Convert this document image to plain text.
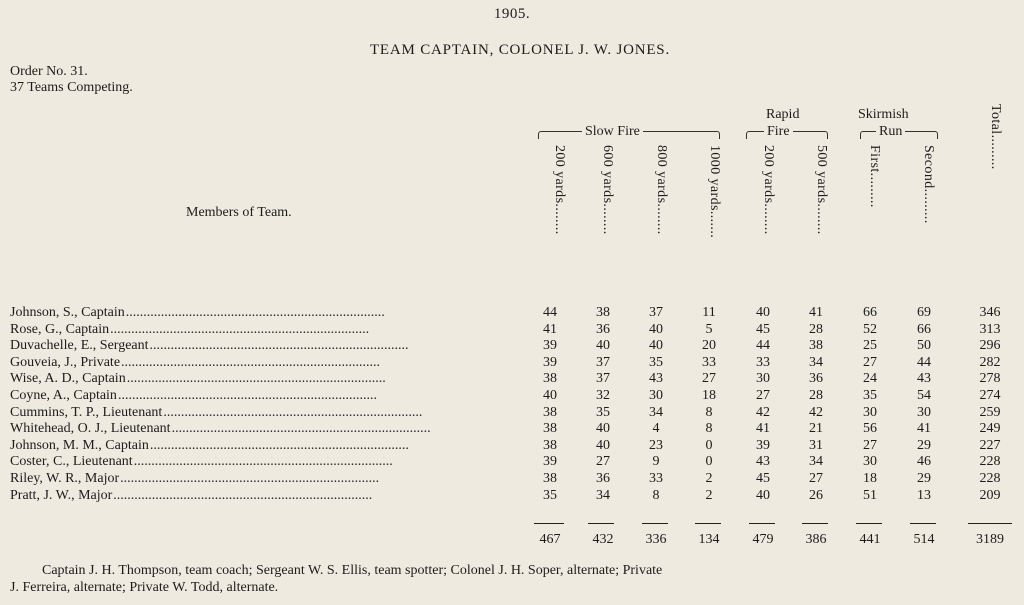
1905.
TEAM CAPTAIN, COLONEL J. W. JONES.
Order No. 31.
37 Teams Competing.
Members of Team.
Slow Fire
Rapid
Fire
Skirmish
Run
200 yards........ 600 yards........	800 yards........	1000 yards.......	200 yards........	500 yards........	First.........	Second.........
Total.........
Johnson, S., Captain ..........................................................................	44	38	37	11	40	41	66	69	346
Rose, G., Captain ..........................................................................	41	36	40	5	45	28	52	66	313
Duvachelle, E., Sergeant ..........................................................................	39	40	40	20	44	38	25	50	296
Gouveia, J., Private ..........................................................................	39	37	35	33	33	34	27	44	282
Wise, A. D., Captain ..........................................................................	38	37	43	27	30	36	24	43	278
Coyne, A., Captain ..........................................................................	40	32	30	18	27	28	35	54	274
Cummins, T. P., Lieutenant ..........................................................................	38	35	34	8	42	42	30	30	259
Whitehead, O. J., Lieutenant ..........................................................................	38	40	4	8	41	21	56	41	249
Johnson, M. M., Captain ..........................................................................	38	40	23	0	39	31	27	29	227
Coster, C., Lieutenant ..........................................................................	39	27	9	0	43	34	30	46	228
Riley, W. R., Major ..........................................................................	38	36	33	2	45	27	18	29	228
Pratt, J. W., Major ..........................................................................	35	34	8	2	40	26	51	13	209
467	432	336	134	479	386	441	514	3189
Captain J. H. Thompson, team coach; Sergeant W. S. Ellis, team spotter; Colonel J. H. Soper, alternate; Private
J. Ferreira, alternate; Private W. Todd, alternate.
